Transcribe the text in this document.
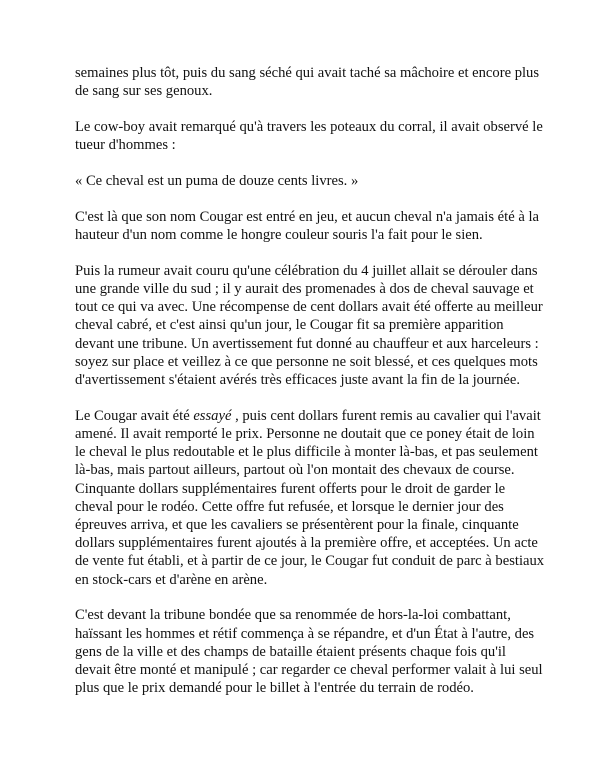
semaines plus tôt, puis du sang séché qui avait taché sa mâchoire et encore plus de sang sur ses genoux.

Le cow-boy avait remarqué qu'à travers les poteaux du corral, il avait observé le tueur d'hommes :

« Ce cheval est un puma de douze cents livres. »

C'est là que son nom Cougar est entré en jeu, et aucun cheval n'a jamais été à la hauteur d'un nom comme le hongre couleur souris l'a fait pour le sien.

Puis la rumeur avait couru qu'une célébration du 4 juillet allait se dérouler dans une grande ville du sud ; il y aurait des promenades à dos de cheval sauvage et tout ce qui va avec. Une récompense de cent dollars avait été offerte au meilleur cheval cabré, et c'est ainsi qu'un jour, le Cougar fit sa première apparition devant une tribune. Un avertissement fut donné au chauffeur et aux harceleurs : soyez sur place et veillez à ce que personne ne soit blessé, et ces quelques mots d'avertissement s'étaient avérés très efficaces juste avant la fin de la journée.

Le Cougar avait été essayé , puis cent dollars furent remis au cavalier qui l'avait amené. Il avait remporté le prix. Personne ne doutait que ce poney était de loin le cheval le plus redoutable et le plus difficile à monter là-bas, et pas seulement là-bas, mais partout ailleurs, partout où l'on montait des chevaux de course. Cinquante dollars supplémentaires furent offerts pour le droit de garder le cheval pour le rodéo. Cette offre fut refusée, et lorsque le dernier jour des épreuves arriva, et que les cavaliers se présentèrent pour la finale, cinquante dollars supplémentaires furent ajoutés à la première offre, et acceptées. Un acte de vente fut établi, et à partir de ce jour, le Cougar fut conduit de parc à bestiaux en stock-cars et d'arène en arène.

C'est devant la tribune bondée que sa renommée de hors-la-loi combattant, haïssant les hommes et rétif commença à se répandre, et d'un État à l'autre, des gens de la ville et des champs de bataille étaient présents chaque fois qu'il devait être monté et manipulé ; car regarder ce cheval performer valait à lui seul plus que le prix demandé pour le billet à l'entrée du terrain de rodéo.
